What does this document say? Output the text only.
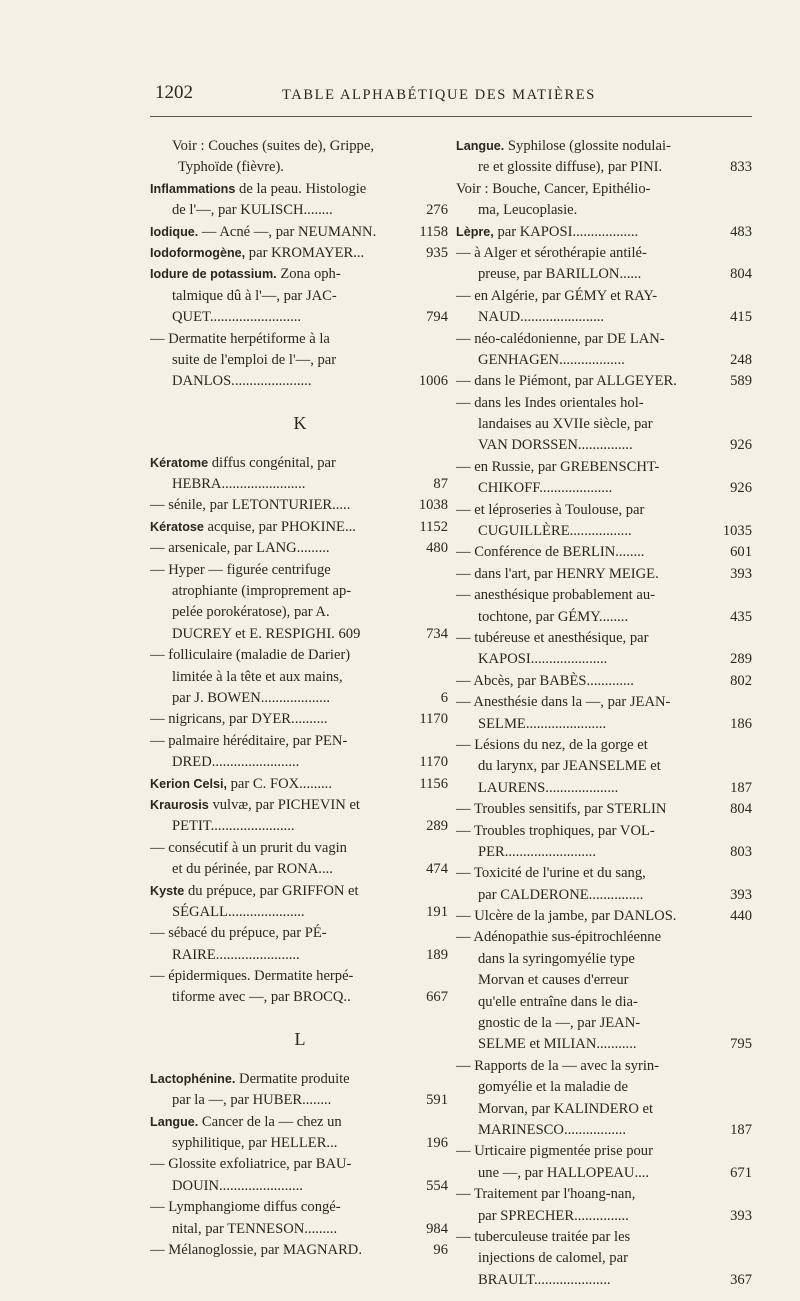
1202	TABLE ALPHABÉTIQUE DES MATIÈRES
Voir : Couches (suites de), Grippe,
Typhoïde (fièvre).
Inflammations de la peau. Histologie
de l'—, par KULISCH........	276
Iodique. — Acné —, par NEUMANN.	1158
Iodoformogène, par KROMAYER...	935
Iodure de potassium. Zona oph-
talmique dû à l'—, par JAC-
QUET.........................	794
— Dermatite herpétiforme à la
suite de l'emploi de l'—, par
DANLOS......................	1006
K
Kératome diffus congénital, par
HEBRA.......................	87
— sénile, par LETONTURIER.....	1038
Kératose acquise, par PHOKINE...	1152
— arsenicale, par LANG.........	480
— Hyper — figurée centrifuge
atrophiante (improprement ap-
pelée porokératose), par A.
DUCREY et E. RESPIGHI. 609	734
— folliculaire (maladie de Darier)
limitée à la tête et aux mains,
par J. BOWEN...................	6
— nigricans, par DYER..........	1170
— palmaire héréditaire, par PEN-
DRED........................	1170
Kerion Celsi, par C. FOX.........	1156
Kraurosis vulvæ, par PICHEVIN et
PETIT.......................	289
— consécutif à un prurit du vagin
et du périnée, par RONA....	474
Kyste du prépuce, par GRIFFON et
SÉGALL.....................	191
— sébacé du prépuce, par PÉ-
RAIRE.......................	189
— épidermiques. Dermatite herpé-
tiforme avec —, par BROCQ..	667
L
Lactophénine. Dermatite produite
par la —, par HUBER........	591
Langue. Cancer de la — chez un
syphilitique, par HELLER...	196
— Glossite exfoliatrice, par BAU-
DOUIN.......................	554
— Lymphangiome diffus congé-
nital, par TENNESON.........	984
— Mélanoglossie, par MAGNARD.	96
Langue. Syphilose (glossite nodulai-
re et glossite diffuse), par PINI.	833
Voir : Bouche, Cancer, Epithélio-
ma, Leucoplasie.
Lèpre, par KAPOSI..................	483
— à Alger et sérothérapie antilé-
preuse, par BARILLON......	804
— en Algérie, par GÉMY et RAY-
NAUD.......................	415
— néo-calédonienne, par DE LAN-
GENHAGEN..................	248
— dans le Piémont, par ALLGEYER.	589
— dans les Indes orientales hol-
landaises au XVIIe siècle, par
VAN DORSSEN...............	926
— en Russie, par GREBENSCHT-
CHIKOFF....................	926
— et léproseries à Toulouse, par
CUGUILLÈRE.................	1035
— Conférence de BERLIN........	601
— dans l'art, par HENRY MEIGE.	393
— anesthésique probablement au-
tochtone, par GÉMY........	435
— tubéreuse et anesthésique, par
KAPOSI.....................	289
— Abcès, par BABÈS.............	802
— Anesthésie dans la —, par JEAN-
SELME......................	186
— Lésions du nez, de la gorge et
du larynx, par JEANSELME et
LAURENS....................	187
— Troubles sensitifs, par STERLIN	804
— Troubles trophiques, par VOL-
PER.........................	803
— Toxicité de l'urine et du sang,
par CALDERONE...............	393
— Ulcère de la jambe, par DANLOS.	440
— Adénopathie sus-épitrochléenne
dans la syringomyélie type
Morvan et causes d'erreur
qu'elle entraîne dans le dia-
gnostic de la —, par JEAN-
SELME et MILIAN...........	795
— Rapports de la — avec la syrin-
gomyélie et la maladie de
Morvan, par KALINDERO et
MARINESCO.................	187
— Urticaire pigmentée prise pour
une —, par HALLOPEAU....	671
— Traitement par l'hoang-nan,
par SPRECHER...............	393
— tuberculeuse traitée par les
injections de calomel, par
BRAULT.....................	367
